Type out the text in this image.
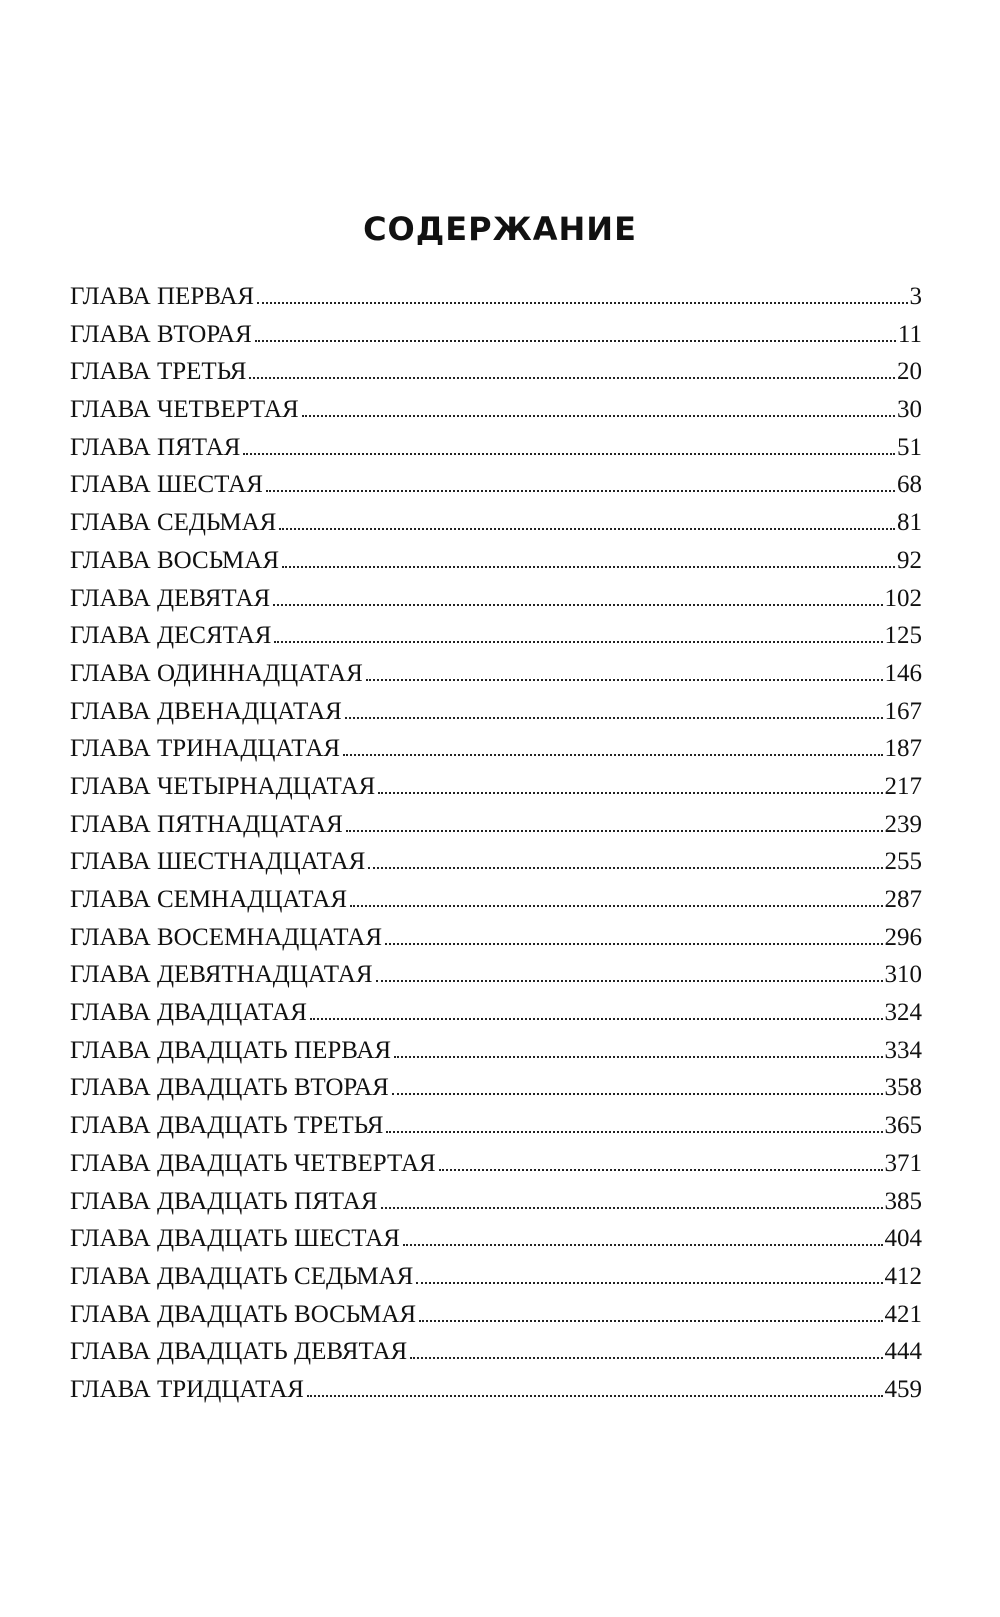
СОДЕРЖАНИЕ
ГЛАВА ПЕРВАЯ	3
ГЛАВА ВТОРАЯ	11
ГЛАВА ТРЕТЬЯ	20
ГЛАВА ЧЕТВЕРТАЯ	30
ГЛАВА ПЯТАЯ	51
ГЛАВА ШЕСТАЯ	68
ГЛАВА СЕДЬМАЯ	81
ГЛАВА ВОСЬМАЯ	92
ГЛАВА ДЕВЯТАЯ	102
ГЛАВА ДЕСЯТАЯ	125
ГЛАВА ОДИННАДЦАТАЯ	146
ГЛАВА ДВЕНАДЦАТАЯ	167
ГЛАВА ТРИНАДЦАТАЯ	187
ГЛАВА ЧЕТЫРНАДЦАТАЯ	217
ГЛАВА ПЯТНАДЦАТАЯ	239
ГЛАВА ШЕСТНАДЦАТАЯ	255
ГЛАВА СЕМНАДЦАТАЯ	287
ГЛАВА ВОСЕМНАДЦАТАЯ	296
ГЛАВА ДЕВЯТНАДЦАТАЯ	310
ГЛАВА ДВАДЦАТАЯ	324
ГЛАВА ДВАДЦАТЬ ПЕРВАЯ	334
ГЛАВА ДВАДЦАТЬ ВТОРАЯ	358
ГЛАВА ДВАДЦАТЬ ТРЕТЬЯ	365
ГЛАВА ДВАДЦАТЬ ЧЕТВЕРТАЯ	371
ГЛАВА ДВАДЦАТЬ ПЯТАЯ	385
ГЛАВА ДВАДЦАТЬ ШЕСТАЯ	404
ГЛАВА ДВАДЦАТЬ СЕДЬМАЯ	412
ГЛАВА ДВАДЦАТЬ ВОСЬМАЯ	421
ГЛАВА ДВАДЦАТЬ ДЕВЯТАЯ	444
ГЛАВА ТРИДЦАТАЯ	459
